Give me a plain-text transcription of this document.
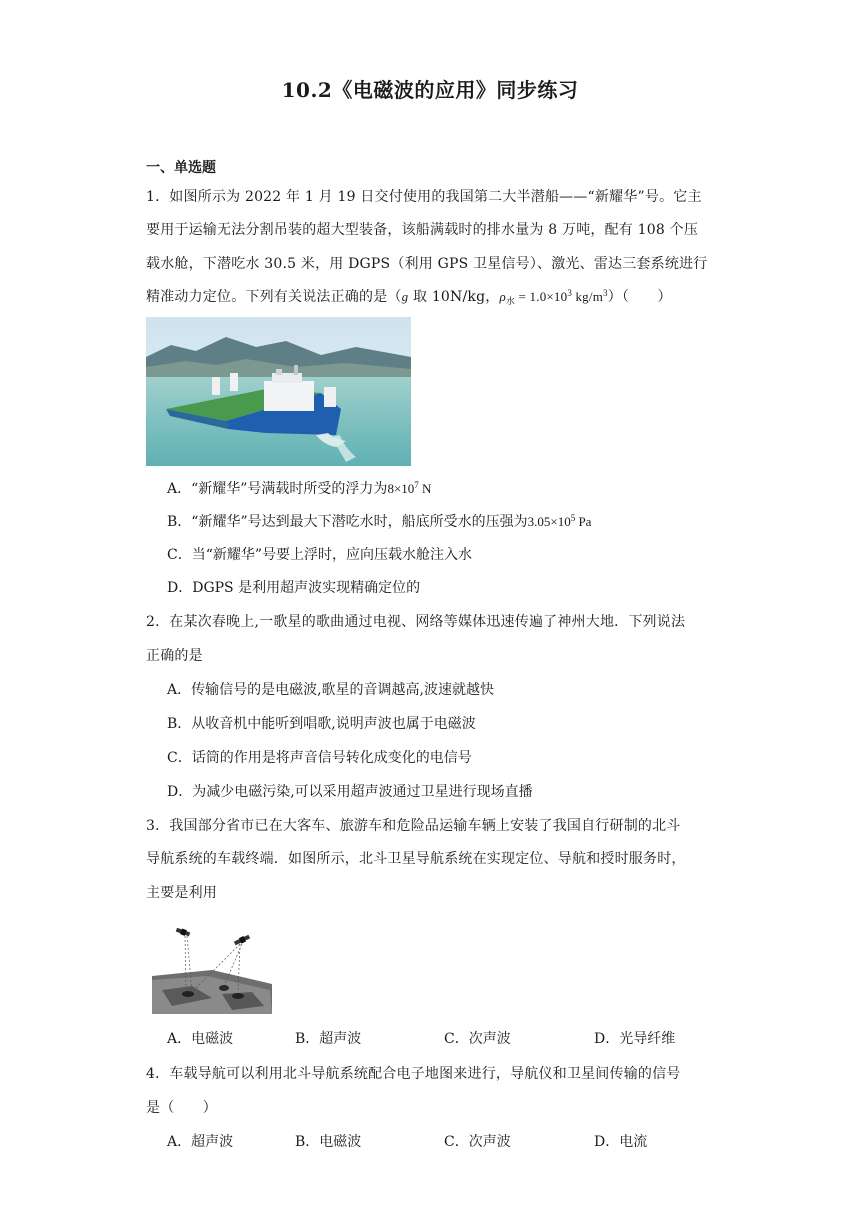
10.2《电磁波的应用》同步练习
一、单选题
1．如图所示为 2022 年 1 月 19 日交付使用的我国第二大半潜船——“新耀华”号。它主
要用于运输无法分割吊装的超大型装备，该船满载时的排水量为 8 万吨，配有 108 个压
载水舱，下潜吃水 30.5 米，用 DGPS（利用 GPS 卫星信号）、激光、雷达三套系统进行
精准动力定位。下列有关说法正确的是（g 取 10N/kg，$\rho_水 = 1.0\times 10^3$ $kg/m^3$）（　　）
A．“新耀华”号满载时所受的浮力为$8\times 10^7$ N
B．“新耀华”号达到最大下潜吃水时，船底所受水的压强为$3.05\times 10^5$ Pa
C．当“新耀华”号要上浮时，应向压载水舱注入水
D．DGPS 是利用超声波实现精确定位的
2．在某次春晚上,一歌星的歌曲通过电视、网络等媒体迅速传遍了神州大地．下列说法
正确的是
A．传输信号的是电磁波,歌星的音调越高,波速就越快
B．从收音机中能听到唱歌,说明声波也属于电磁波
C．话筒的作用是将声音信号转化成变化的电信号
D．为减少电磁污染,可以采用超声波通过卫星进行现场直播
3．我国部分省市已在大客车、旅游车和危险品运输车辆上安装了我国自行研制的北斗
导航系统的车载终端．如图所示，北斗卫星导航系统在实现定位、导航和授时服务时，
主要是利用
A．电磁波	B．超声波	C．次声波	D．光导纤维
4．车载导航可以利用北斗导航系统配合电子地图来进行，导航仪和卫星间传输的信号
是（　　）
A．超声波	B．电磁波	C．次声波	D．电流
